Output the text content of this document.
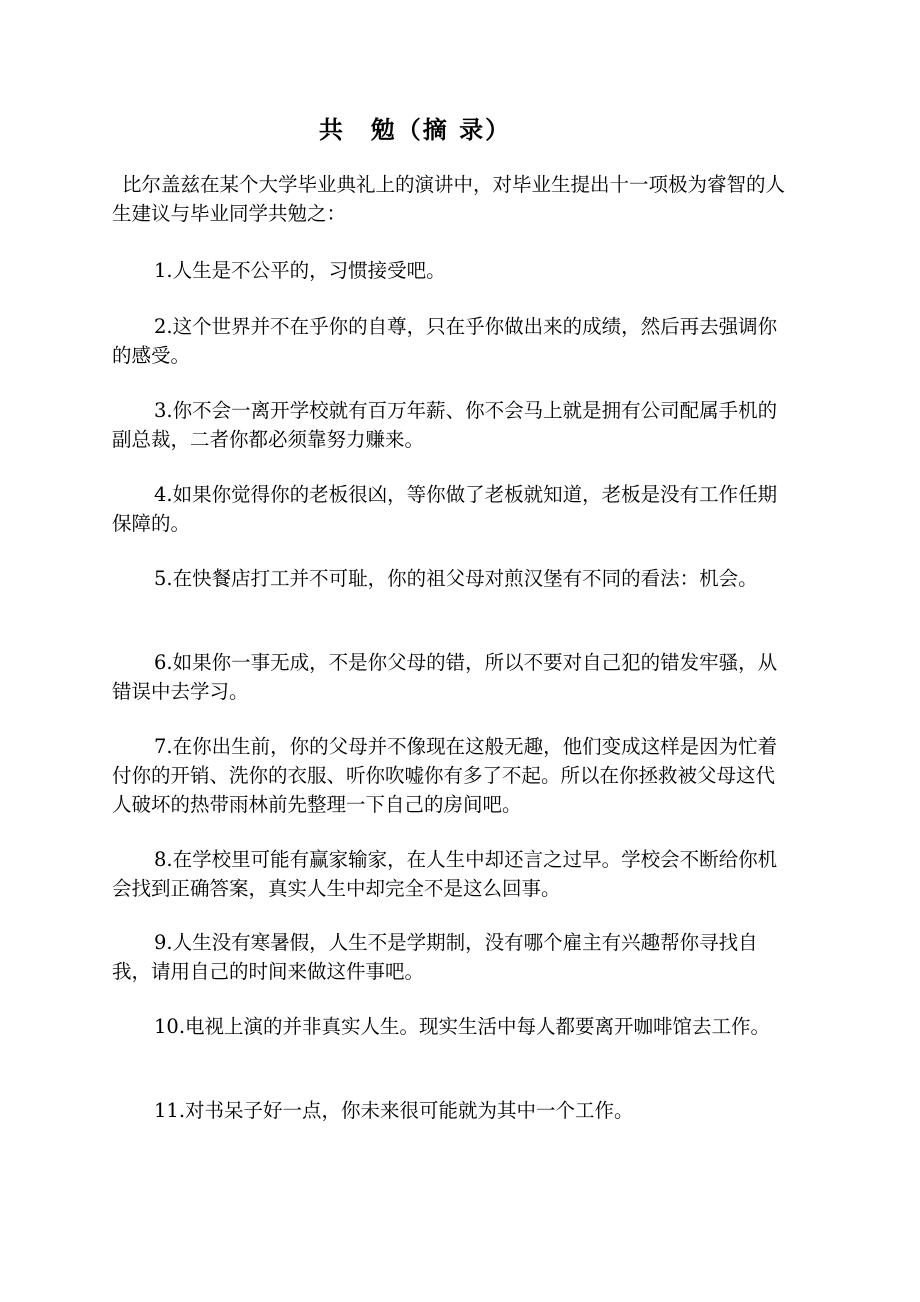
共　勉（摘 录）
比尔盖兹在某个大学毕业典礼上的演讲中，对毕业生提出十一项极为睿智的人生建议与毕业同学共勉之：
1.人生是不公平的，习惯接受吧。
2.这个世界并不在乎你的自尊，只在乎你做出来的成绩，然后再去强调你的感受。
3.你不会一离开学校就有百万年薪、你不会马上就是拥有公司配属手机的副总裁，二者你都必须靠努力赚来。
4.如果你觉得你的老板很凶，等你做了老板就知道，老板是没有工作任期保障的。
5.在快餐店打工并不可耻，你的祖父母对煎汉堡有不同的看法：机会。
6.如果你一事无成，不是你父母的错，所以不要对自己犯的错发牢骚，从错误中去学习。
7.在你出生前，你的父母并不像现在这般无趣，他们变成这样是因为忙着付你的开销、洗你的衣服、听你吹嘘你有多了不起。所以在你拯救被父母这代人破坏的热带雨林前先整理一下自己的房间吧。
8.在学校里可能有赢家输家，在人生中却还言之过早。学校会不断给你机会找到正确答案，真实人生中却完全不是这么回事。
9.人生没有寒暑假，人生不是学期制，没有哪个雇主有兴趣帮你寻找自我，请用自己的时间来做这件事吧。
10.电视上演的并非真实人生。现实生活中每人都要离开咖啡馆去工作。
11.对书呆子好一点，你未来很可能就为其中一个工作。
